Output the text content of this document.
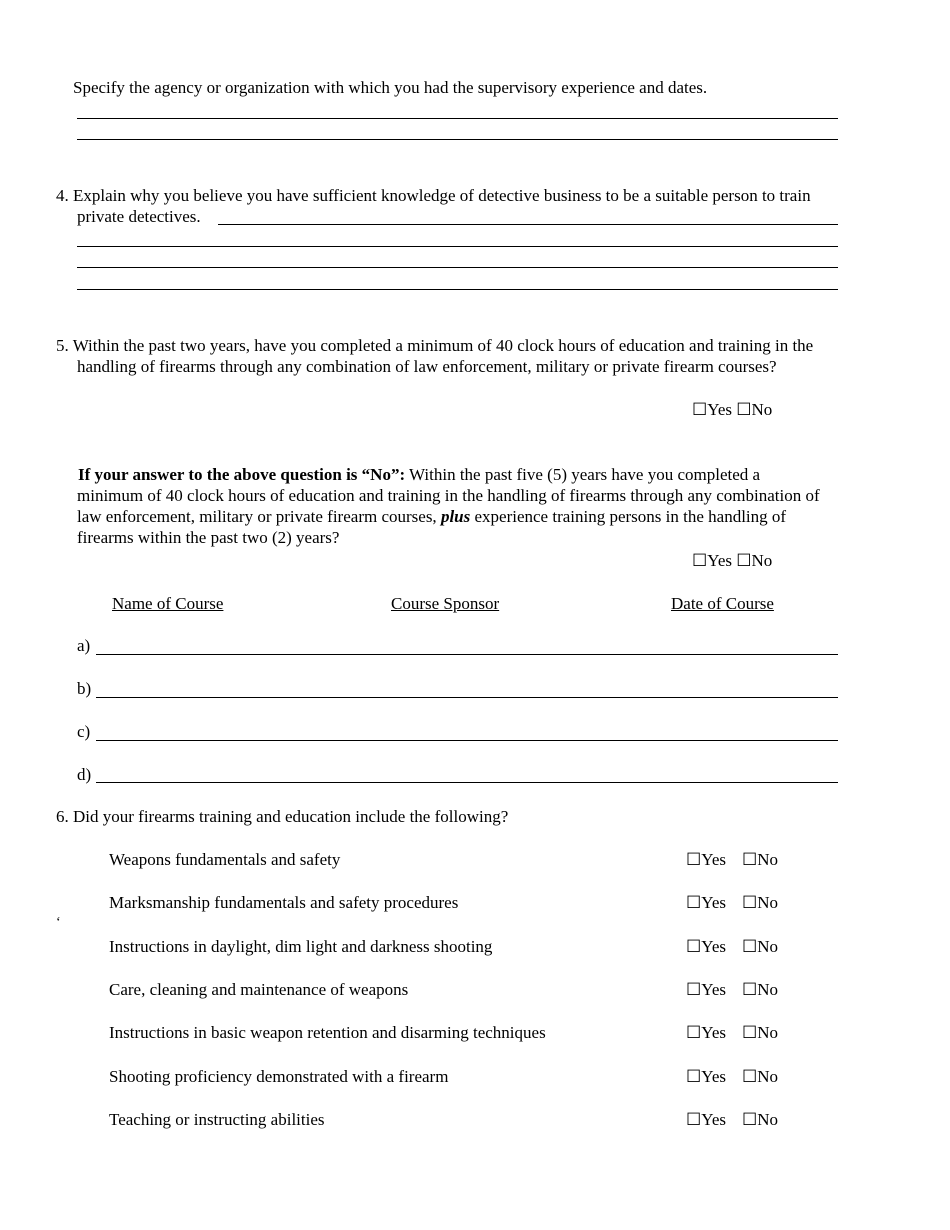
Specify the agency or organization with which you had the supervisory experience and dates.
4. Explain why you believe you have sufficient knowledge of detective business to be a suitable person to train
private detectives.
5. Within the past two years, have you completed a minimum of 40 clock hours of education and training in the
handling of firearms through any combination of law enforcement, military or private firearm courses?
☐Yes ☐No
If your answer to the above question is “No”: Within the past five (5) years have you completed a
minimum of 40 clock hours of education and training in the handling of firearms through any combination of
law enforcement, military or private firearm courses, plus experience training persons in the handling of
firearms within the past two (2) years?
☐Yes ☐No
Name of Course	Course Sponsor	Date of Course
a)
b)
c)
d)
6. Did your firearms training and education include the following?
‘
Weapons fundamentals and safety	☐Yes ☐No
Marksmanship fundamentals and safety procedures	☐Yes ☐No
Instructions in daylight, dim light and darkness shooting	☐Yes ☐No
Care, cleaning and maintenance of weapons	☐Yes ☐No
Instructions in basic weapon retention and disarming techniques	☐Yes ☐No
Shooting proficiency demonstrated with a firearm	☐Yes ☐No
Teaching or instructing abilities	☐Yes ☐No
